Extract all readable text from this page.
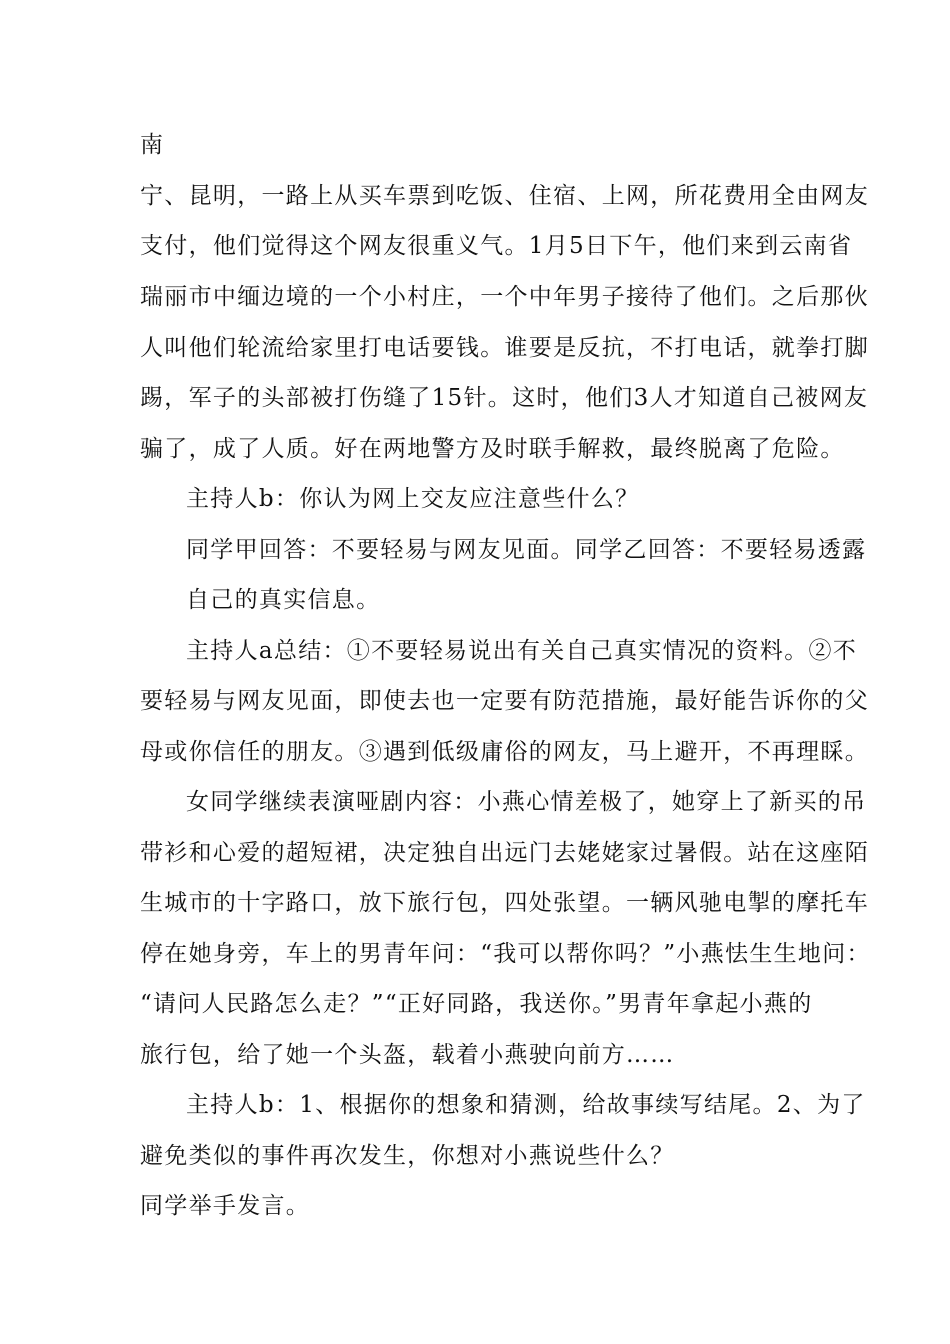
南
宁、昆明，一路上从买车票到吃饭、住宿、上网，所花费用全由网友
支付，他们觉得这个网友很重义气。1月5日下午，他们来到云南省
瑞丽市中缅边境的一个小村庄，一个中年男子接待了他们。之后那伙
人叫他们轮流给家里打电话要钱。谁要是反抗，不打电话，就拳打脚
踢，军子的头部被打伤缝了15针。这时，他们3人才知道自己被网友
骗了，成了人质。好在两地警方及时联手解救，最终脱离了危险。
主持人b：你认为网上交友应注意些什么？
同学甲回答：不要轻易与网友见面。同学乙回答：不要轻易透露
自己的真实信息。
主持人a总结：①不要轻易说出有关自己真实情况的资料。②不
要轻易与网友见面，即使去也一定要有防范措施，最好能告诉你的父
母或你信任的朋友。③遇到低级庸俗的网友，马上避开，不再理睬。
女同学继续表演哑剧内容：小燕心情差极了，她穿上了新买的吊
带衫和心爱的超短裙，决定独自出远门去姥姥家过暑假。站在这座陌
生城市的十字路口，放下旅行包，四处张望。一辆风驰电掣的摩托车
停在她身旁，车上的男青年问：“我可以帮你吗？”小燕怯生生地问：
“请问人民路怎么走？”“正好同路，我送你。”男青年拿起小燕的
旅行包，给了她一个头盔，载着小燕驶向前方……
主持人b：1、根据你的想象和猜测，给故事续写结尾。2、为了
避免类似的事件再次发生，你想对小燕说些什么？
同学举手发言。
